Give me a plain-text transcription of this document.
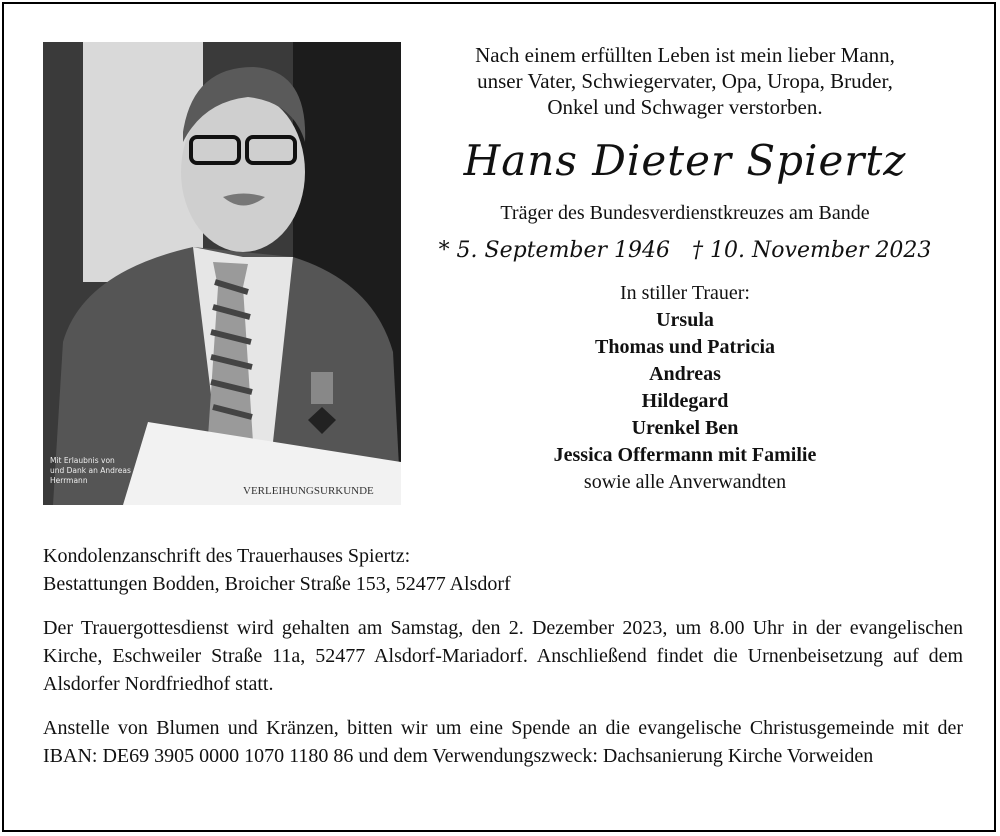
VERLEIHUNGSURKUNDE
Mit Erlaubnis von
und Dank an Andreas
Herrmann

Nach einem erfüllten Leben ist mein lieber Mann,
unser Vater, Schwiegervater, Opa, Uropa, Bruder,
Onkel und Schwager verstorben.

Hans Dieter Spiertz
Träger des Bundesverdienstkreuzes am Bande
* 5. September 1946 † 10. November 2023
In stiller Trauer:
Ursula
Thomas und Patricia
Andreas
Hildegard
Urenkel Ben
Jessica Offermann mit Familie
sowie alle Anverwandten
Kondolenzanschrift des Trauerhauses Spiertz:
Bestattungen Bodden, Broicher Straße 153, 52477 Alsdorf
Der Trauergottesdienst wird gehalten am Samstag, den 2. Dezember 2023, um 8.00 Uhr in der evangelischen Kirche, Eschweiler Straße 11a, 52477 Alsdorf-Mariadorf. Anschließend findet die Urnenbeisetzung auf dem Alsdorfer Nordfriedhof statt.
Anstelle von Blumen und Kränzen, bitten wir um eine Spende an die evangelische Christusgemeinde mit der IBAN: DE69 3905 0000 1070 1180 86 und dem Verwendungszweck: Dachsanierung Kirche Vorweiden
